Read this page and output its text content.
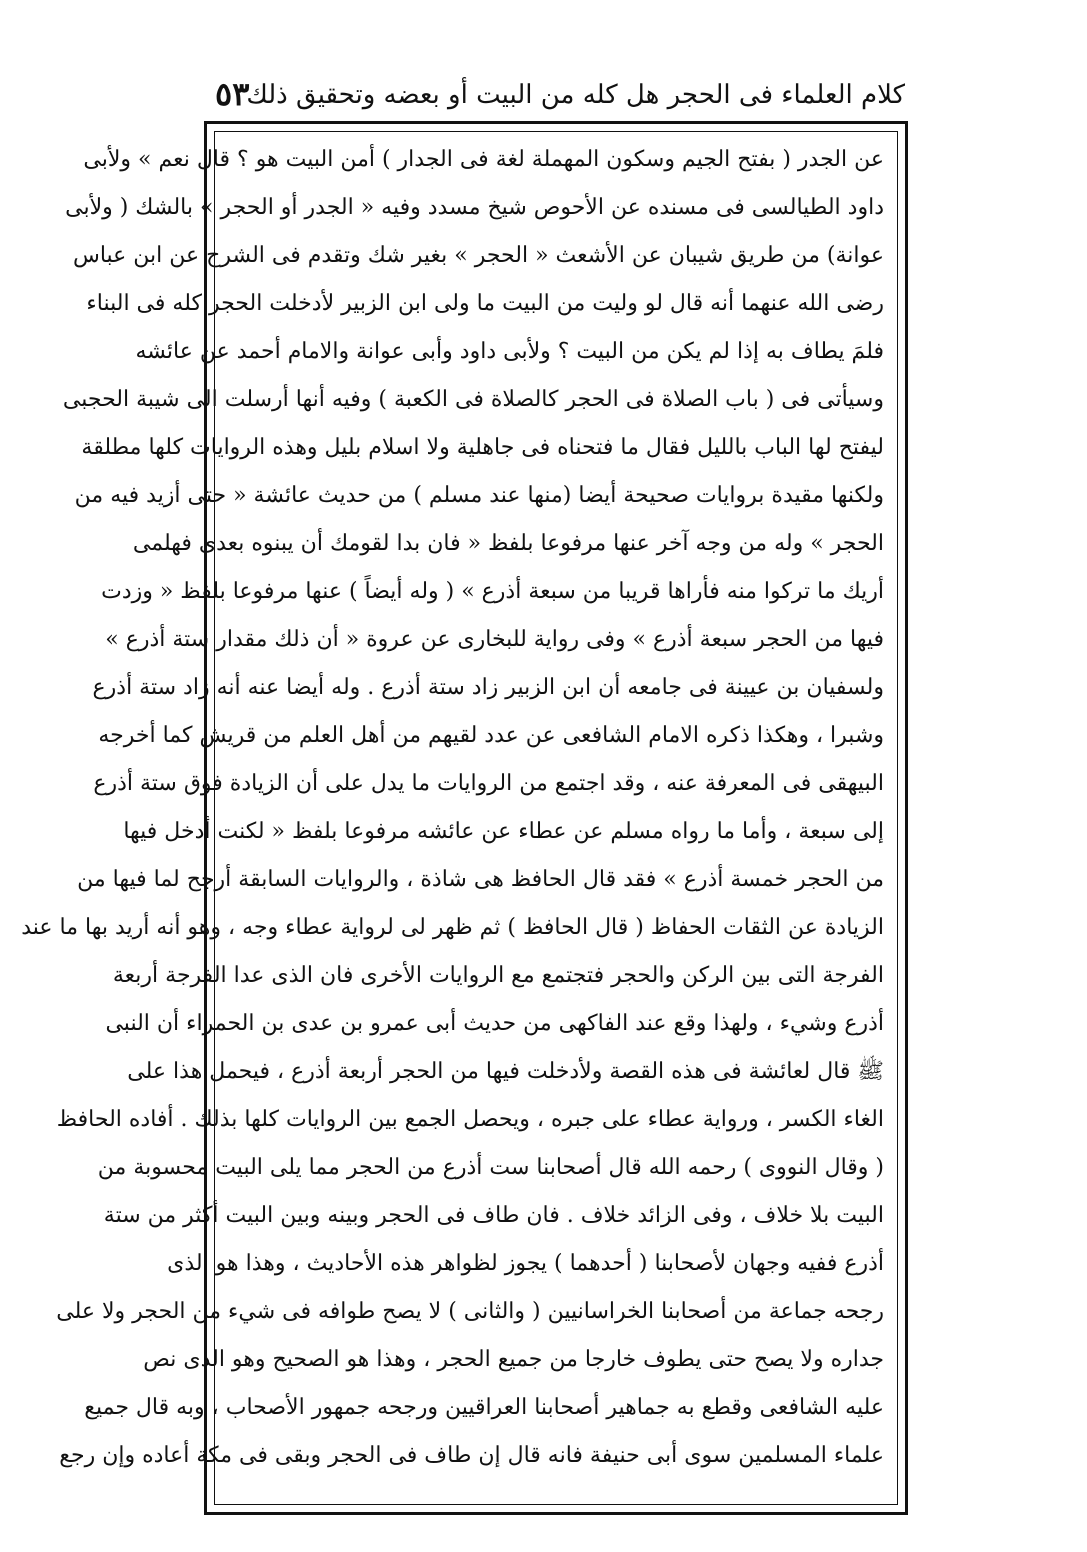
كلام العلماء فى الحجر هل كله من البيت أو بعضه وتحقيق ذلك
٥٣
عن الجدر ( بفتح الجيم وسكون المهملة لغة فى الجدار ) أمن البيت هو ؟ قال نعم » ولأبى
داود الطيالسى فى مسنده عن الأحوص شيخ مسدد وفيه « الجدر أو الحجر » بالشك ( ولأبى
عوانة) من طريق شيبان عن الأشعث « الحجر » بغير شك وتقدم فى الشرح عن ابن عباس
رضى الله عنهما أنه قال لو وليت من البيت ما ولى ابن الزبير لأدخلت الحجر كله فى البناء
فلمَ يطاف به إذا لم يكن من البيت ؟ ولأبى داود وأبى عوانة والامام أحمد عن عائشه
وسيأتى فى ( باب الصلاة فى الحجر كالصلاة فى الكعبة ) وفيه أنها أرسلت الى شيبة الحجبى
ليفتح لها الباب بالليل فقال ما فتحناه فى جاهلية ولا اسلام بليل وهذه الروايات كلها مطلقة
ولكنها مقيدة بروايات صحيحة أيضا (منها عند مسلم ) من حديث عائشة « حتى أزيد فيه من
الحجر » وله من وجه آخر عنها مرفوعا بلفظ « فان بدا لقومك أن يبنوه بعدى فهلمى
أريك ما تركوا منه فأراها قريبا من سبعة أذرع » ( وله أيضاً ) عنها مرفوعا بلفظ « وزدت
فيها من الحجر سبعة أذرع » وفى رواية للبخارى عن عروة « أن ذلك مقدار ستة أذرع »
ولسفيان بن عيينة فى جامعه أن ابن الزبير زاد ستة أذرع . وله أيضا عنه أنه زاد ستة أذرع
وشبرا ، وهكذا ذكره الامام الشافعى عن عدد لقيهم من أهل العلم من قريش كما أخرجه
البيهقى فى المعرفة عنه ، وقد اجتمع من الروايات ما يدل على أن الزيادة فوق ستة أذرع
إلى سبعة ، وأما ما رواه مسلم عن عطاء عن عائشه مرفوعا بلفظ « لكنت أدخل فيها
من الحجر خمسة أذرع » فقد قال الحافظ هى شاذة ، والروايات السابقة أرجح لما فيها من
الزيادة عن الثقات الحفاظ ( قال الحافظ ) ثم ظهر لى لرواية عطاء وجه ، وهو أنه أريد بها ما عند
الفرجة التى بين الركن والحجر فتجتمع مع الروايات الأخرى فان الذى عدا الفرجة أربعة
أذرع وشيء ، ولهذا وقع عند الفاكهى من حديث أبى عمرو بن عدى بن الحمراء أن النبى
ﷺ قال لعائشة فى هذه القصة ولأدخلت فيها من الحجر أربعة أذرع ، فيحمل هذا على
الغاء الكسر ، ورواية عطاء على جبره ، ويحصل الجمع بين الروايات كلها بذلك . أفاده الحافظ
( وقال النووى ) رحمه الله قال أصحابنا ست أذرع من الحجر مما يلى البيت محسوبة من
البيت بلا خلاف ، وفى الزائد خلاف . فان طاف فى الحجر وبينه وبين البيت أكثر من ستة
أذرع ففيه وجهان لأصحابنا ( أحدهما ) يجوز لظواهر هذه الأحاديث ، وهذا هو الذى
رجحه جماعة من أصحابنا الخراسانيين ( والثانى ) لا يصح طوافه فى شيء من الحجر ولا على
جداره ولا يصح حتى يطوف خارجا من جميع الحجر ، وهذا هو الصحيح وهو الذى نص
عليه الشافعى وقطع به جماهير أصحابنا العراقيين ورجحه جمهور الأصحاب ، وبه قال جميع
علماء المسلمين سوى أبى حنيفة فانه قال إن طاف فى الحجر وبقى فى مكة أعاده وإن رجع
